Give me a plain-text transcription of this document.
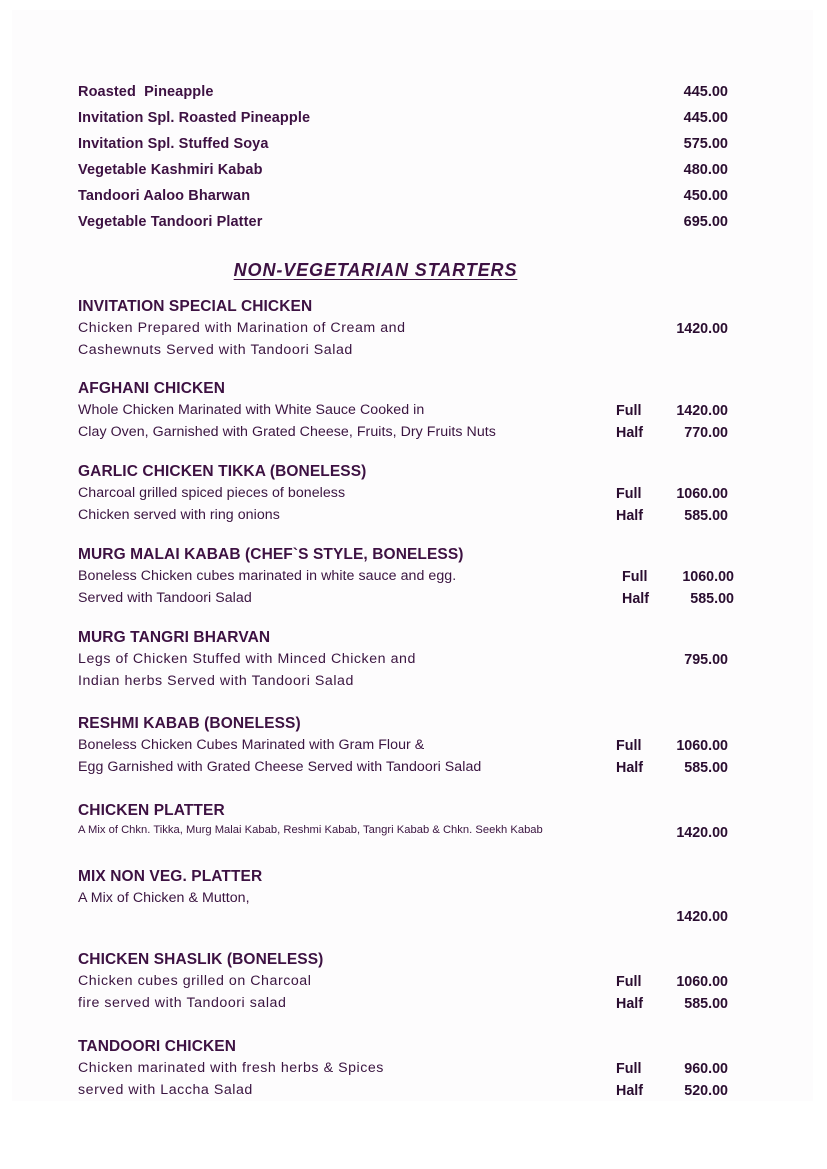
Roasted  Pineapple	445.00
Invitation Spl. Roasted Pineapple	445.00
Invitation Spl. Stuffed Soya	575.00
Vegetable Kashmiri Kabab	480.00
Tandoori Aaloo Bharwan	450.00
Vegetable Tandoori Platter	695.00
NON-VEGETARIAN STARTERS
INVITATION SPECIAL CHICKEN
Chicken Prepared with Marination of Cream and
Cashewnuts Served with Tandoori Salad
1420.00
AFGHANI CHICKEN
Whole Chicken Marinated with White Sauce Cooked in
Clay Oven, Garnished with Grated Cheese, Fruits, Dry Fruits Nuts
Full	1420.00
Half	770.00
GARLIC CHICKEN TIKKA (BONELESS)
Charcoal grilled spiced pieces of boneless
Chicken served with ring onions
Full	1060.00
Half	585.00
MURG MALAI KABAB (CHEF`S STYLE, BONELESS)
Boneless Chicken cubes marinated in white sauce and egg.
Served with Tandoori Salad
Full	1060.00
Half	585.00
MURG TANGRI BHARVAN
Legs of Chicken Stuffed with Minced Chicken and
Indian herbs Served with Tandoori Salad
795.00
RESHMI KABAB (BONELESS)
Boneless Chicken Cubes Marinated with Gram Flour &
Egg Garnished with Grated Cheese Served with Tandoori Salad
Full	1060.00
Half	585.00
CHICKEN PLATTER
A Mix of Chkn. Tikka, Murg Malai Kabab, Reshmi Kabab, Tangri Kabab & Chkn. Seekh Kabab	1420.00
MIX NON VEG. PLATTER
A Mix of Chicken & Mutton,
1420.00
CHICKEN SHASLIK (BONELESS)
Chicken cubes grilled on Charcoal
fire served with Tandoori salad
Full	1060.00
Half	585.00
TANDOORI CHICKEN
Chicken marinated with fresh herbs & Spices
served with Laccha Salad
Full	960.00
Half	520.00
